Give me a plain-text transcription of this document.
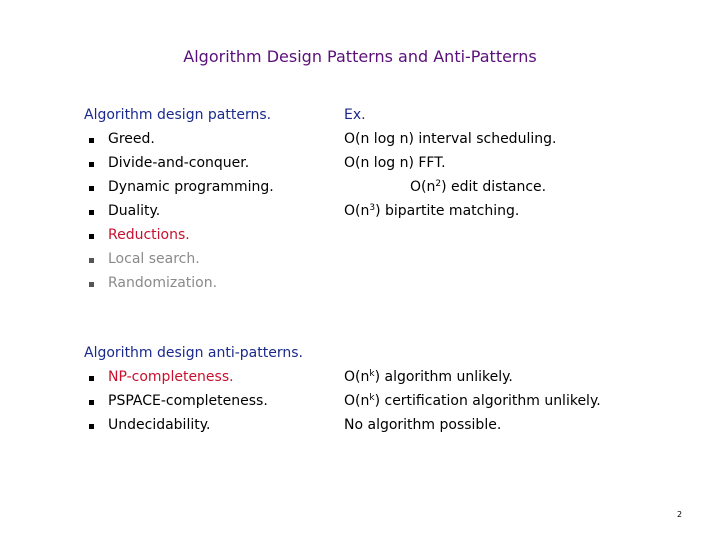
Algorithm Design Patterns and Anti-Patterns
Algorithm design patterns.	Ex.
Greed.	O(n log n) interval scheduling.
Divide-and-conquer.	O(n log n) FFT.
Dynamic programming.	$O(n^2)$ edit distance.
Duality.	$O(n^3)$ bipartite matching.
Reductions.
Local search.
Randomization.
Algorithm design anti-patterns.
NP-completeness.	$O(n^k)$ algorithm unlikely.
PSPACE-completeness.	$O(n^k)$ certification algorithm unlikely.
Undecidability.	No algorithm possible.
2
